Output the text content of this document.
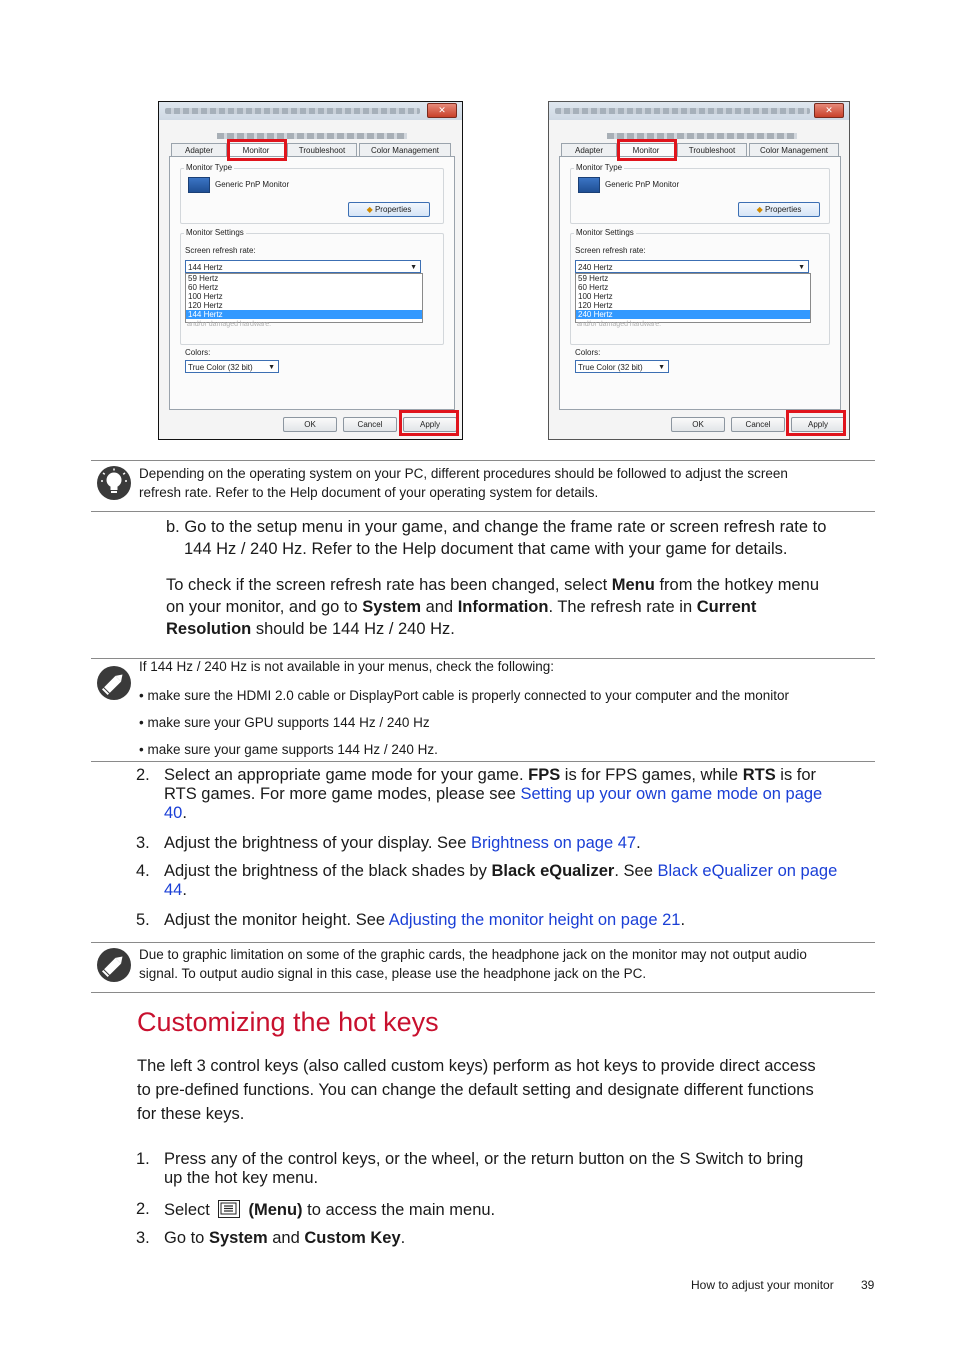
✕
Adapter	Monitor	Troubleshoot	Color Management
Monitor Type
Generic PnP Monitor
◆ Properties
Monitor Settings
Screen refresh rate:
144 Hertz	▼
59 Hertz
60 Hertz
100 Hertz
120 Hertz
144 Hertz
and/or damaged hardware.
Colors:
True Color (32 bit) ▼
OK	Cancel	Apply
✕
Adapter	Monitor	Troubleshoot	Color Management
Monitor Type
Generic PnP Monitor
◆ Properties
Monitor Settings
Screen refresh rate:
240 Hertz	▼
59 Hertz
60 Hertz
100 Hertz
120 Hertz
240 Hertz
and/or damaged hardware.
Colors:
True Color (32 bit) ▼
OK	Cancel	Apply
Depending on the operating system on your PC, different procedures should be followed to adjust the screen
refresh rate. Refer to the Help document of your operating system for details.
b. Go to the setup menu in your game, and change the frame rate or screen refresh rate to
144 Hz / 240 Hz. Refer to the Help document that came with your game for details.
To check if the screen refresh rate has been changed, select Menu from the hotkey menu
on your monitor, and go to System and Information. The refresh rate in Current
Resolution should be 144 Hz / 240 Hz.
If 144 Hz / 240 Hz is not available in your menus, check the following:
• make sure the HDMI 2.0 cable or DisplayPort cable is properly connected to your computer and the monitor
• make sure your GPU supports 144 Hz / 240 Hz
• make sure your game supports 144 Hz / 240 Hz.
2. Select an appropriate game mode for your game. FPS is for FPS games, while RTS is for
RTS games. For more game modes, please see Setting up your own game mode on page
40.
3. Adjust the brightness of your display. See Brightness on page 47.
4. Adjust the brightness of the black shades by Black eQualizer. See Black eQualizer on page
44.
5. Adjust the monitor height. See Adjusting the monitor height on page 21.
Due to graphic limitation on some of the graphic cards, the headphone jack on the monitor may not output audio
signal. To output audio signal in this case, please use the headphone jack on the PC.
Customizing the hot keys
The left 3 control keys (also called custom keys) perform as hot keys to provide direct access
to pre-defined functions. You can change the default setting and designate different functions
for these keys.
1. Press any of the control keys, or the wheel, or the return button on the S Switch to bring
up the hot key menu.
2. Select
(Menu) to access the main menu.
3. Go to System and Custom Key.
How to adjust your monitor 39
